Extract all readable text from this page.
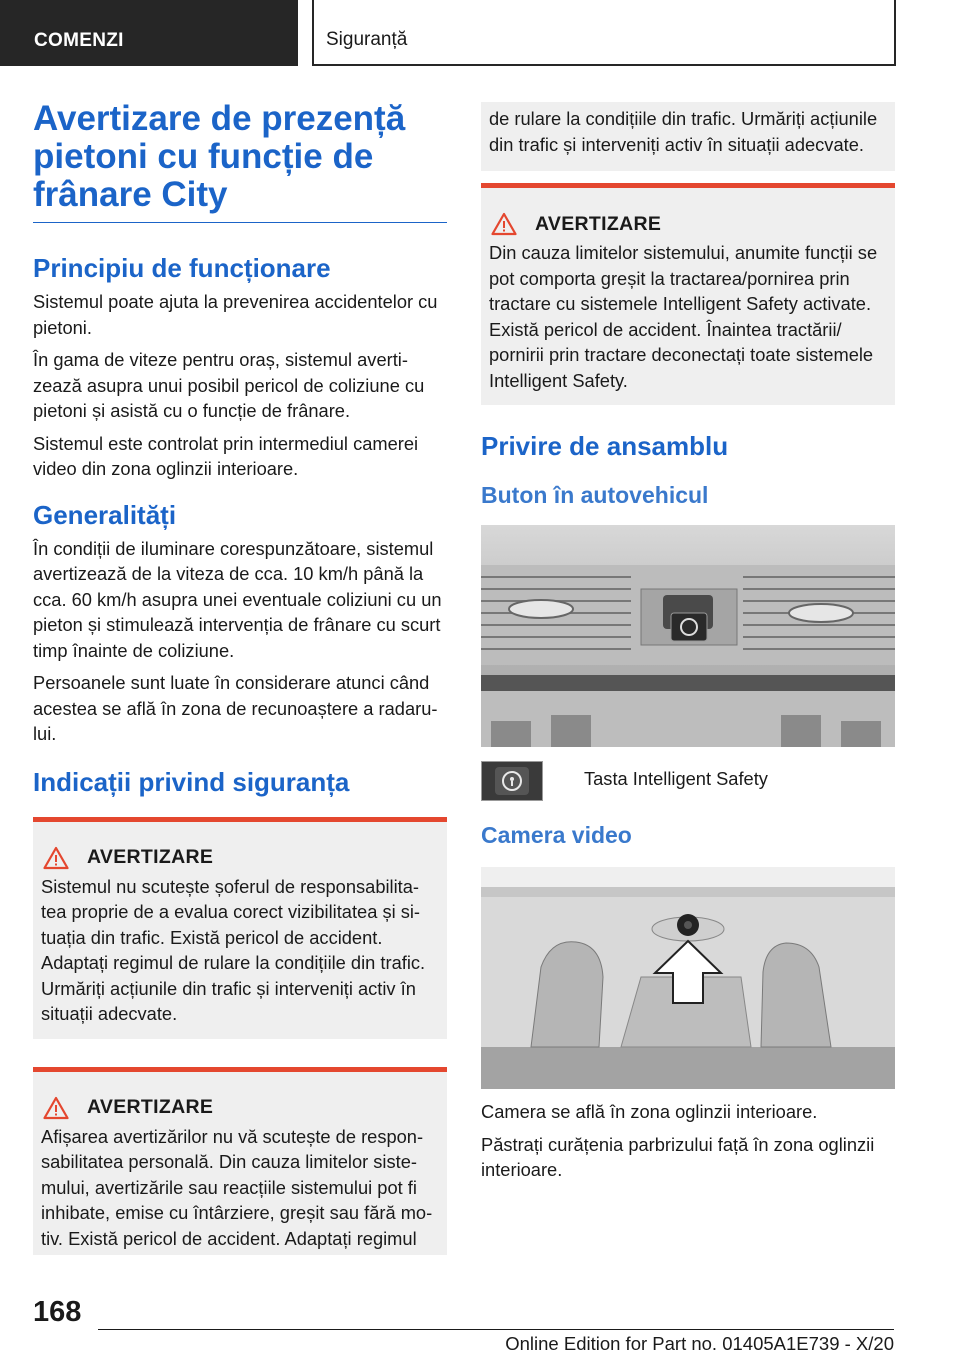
COMENZI	Siguranță
Avertizare de prezență pietoni cu funcție de frânare City
Principiu de funcționare

Sistemul poate ajuta la prevenirea accidentelor cu pietoni.

În gama de viteze pentru oraș, sistemul averti-zează asupra unui posibil pericol de coliziune cu pietoni și asistă cu o funcție de frânare.

Sistemul este controlat prin intermediul camerei video din zona oglinzii interioare.

Generalități

În condiții de iluminare corespunzătoare, sistemul avertizează de la viteza de cca. 10 km/h până la cca. 60 km/h asupra unei eventuale coliziuni cu un pieton și stimulează intervenția de frânare cu scurt timp înainte de coliziune.

Persoanele sunt luate în considerare atunci când acestea se află în zona de recunoaștere a radaru-lui.

Indicații privind siguranța
AVERTIZARE

Sistemul nu scutește șoferul de responsabilita-tea proprie de a evalua corect vizibilitatea și si-tuația din trafic. Există pericol de accident. Adaptați regimul de rulare la condițiile din trafic. Urmăriți acțiunile din trafic și interveniți activ în situații adecvate.

AVERTIZARE

Afișarea avertizărilor nu vă scutește de respon-sabilitatea personală. Din cauza limitelor siste-mului, avertizările sau reacțiile sistemului pot fi inhibate, emise cu întârziere, greșit sau fără mo-tiv. Există pericol de accident. Adaptați regimul

de rulare la condițiile din trafic. Urmăriți acțiunile din trafic și interveniți activ în situații adecvate.

AVERTIZARE

Din cauza limitelor sistemului, anumite funcții se pot comporta greșit la tractarea/pornirea prin tractare cu sistemele Intelligent Safety activate. Există pericol de accident. Înaintea tractării/ pornirii prin tractare deconectați toate sistemele Intelligent Safety.

Privire de ansamblu
Buton în autovehicul

Tasta Intelligent Safety

Camera video

Camera se află în zona oglinzii interioare.

Păstrați curățenia parbrizului față în zona oglinzii interioare.

168
Online Edition for Part no. 01405A1E739 - X/20
